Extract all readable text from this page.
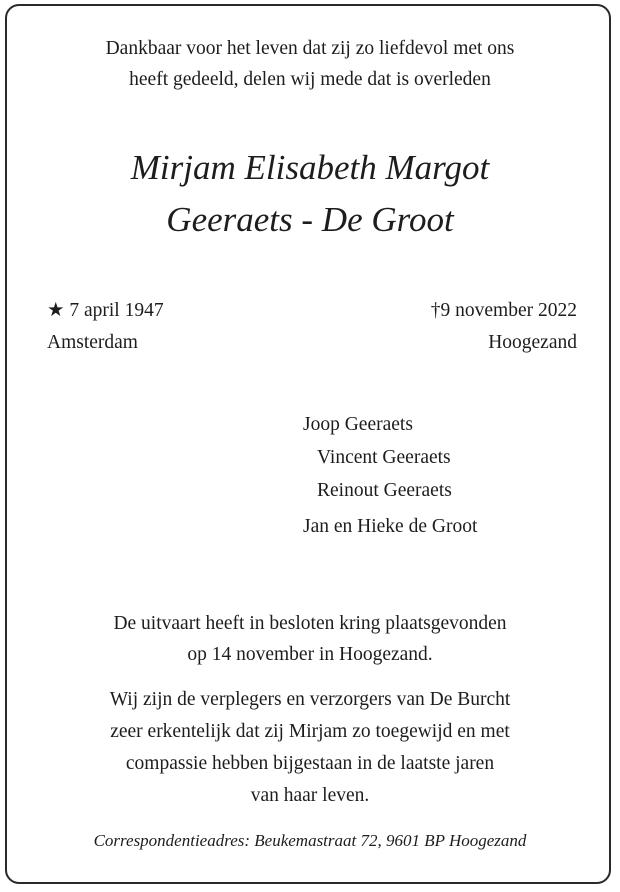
Dankbaar voor het leven dat zij zo liefdevol met ons
heeft gedeeld, delen wij mede dat is overleden
Mirjam Elisabeth Margot
Geeraets - De Groot
★ 7 april 1947
Amsterdam
†9 november 2022
Hoogezand
Joop Geeraets
Vincent Geeraets
Reinout Geeraets
Jan en Hieke de Groot
De uitvaart heeft in besloten kring plaatsgevonden
op 14 november in Hoogezand.
Wij zijn de verplegers en verzorgers van De Burcht
zeer erkentelijk dat zij Mirjam zo toegewijd en met
compassie hebben bijgestaan in de laatste jaren
van haar leven.
Correspondentieadres: Beukemastraat 72, 9601 BP Hoogezand
